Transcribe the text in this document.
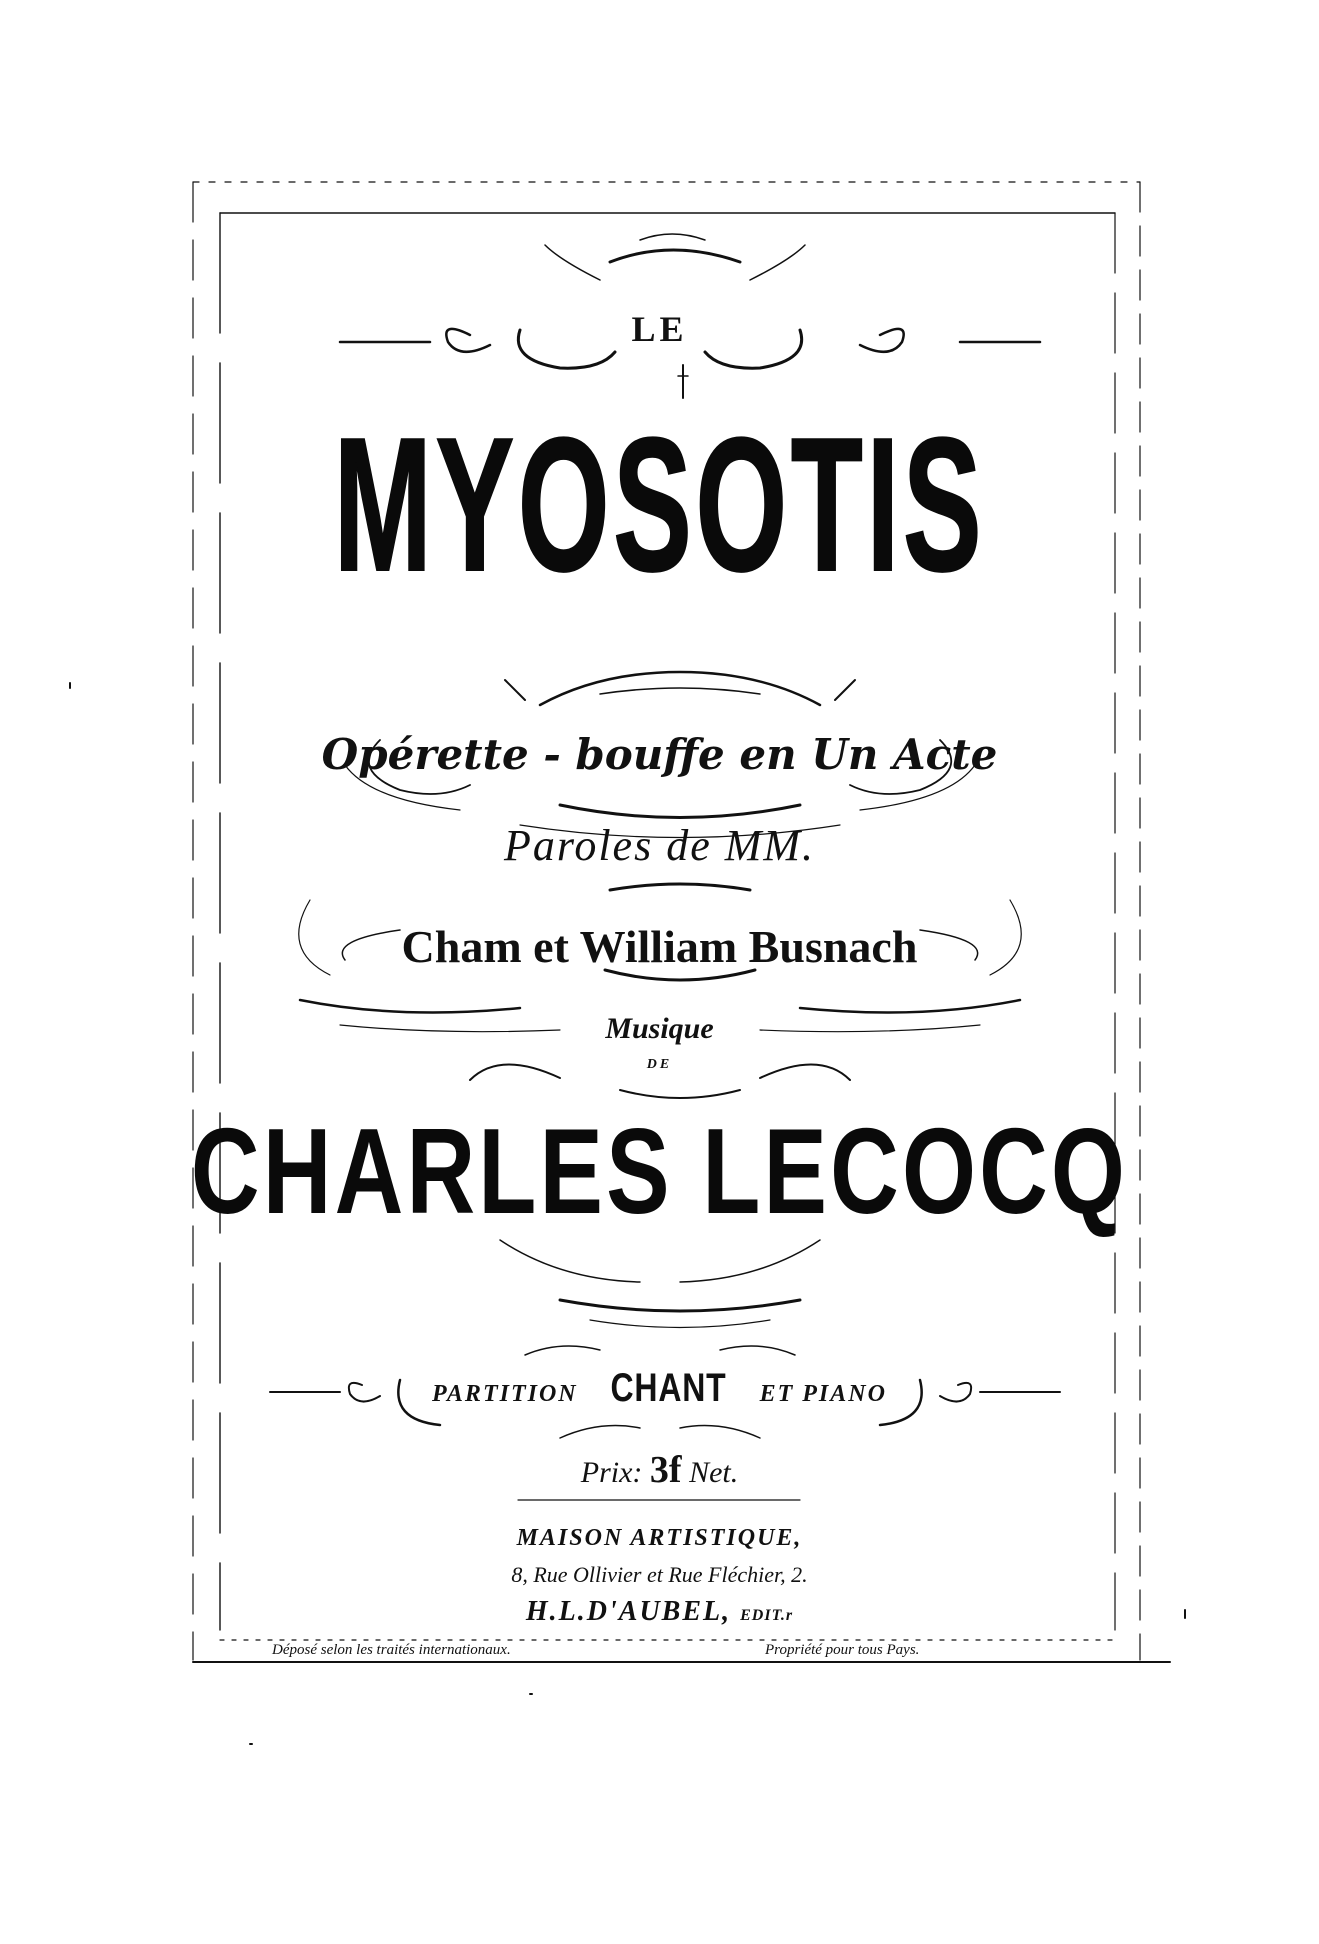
LE
MYOSOTIS
Opérette - bouffe en Un Acte
Paroles de MM.
Cham et William Busnach
Musique
DE
CHARLES LECOCQ
PARTITION CHANT ET PIANO
Prix: 3f Net.
MAISON ARTISTIQUE,
8, Rue Ollivier et Rue Fléchier, 2.
H.L.D'AUBEL, EDIT.r
Déposé selon les traités internationaux.	Propriété pour tous Pays.
